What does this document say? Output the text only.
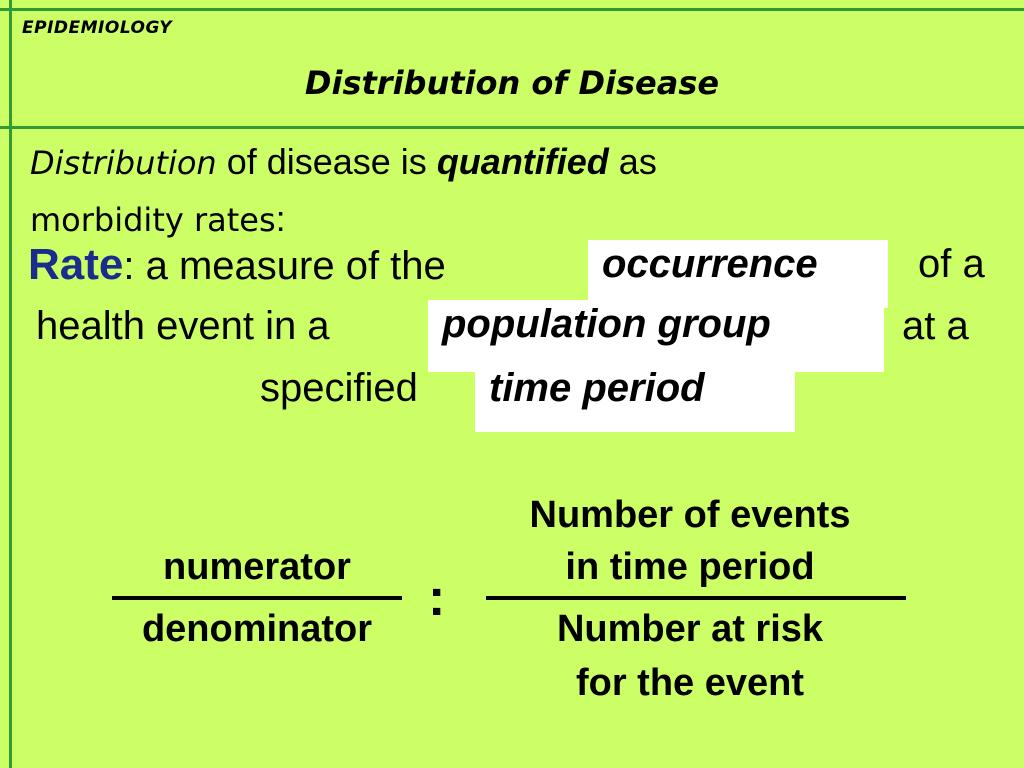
EPIDEMIOLOGY
Distribution of Disease
Distribution of disease is quantified as
morbidity rates:
occurrence
population group
time period
Rate: a measure of the	of a
health event in a	at a
specified
numerator
denominator
:
Number of events
in time period
Number at risk
for the event
